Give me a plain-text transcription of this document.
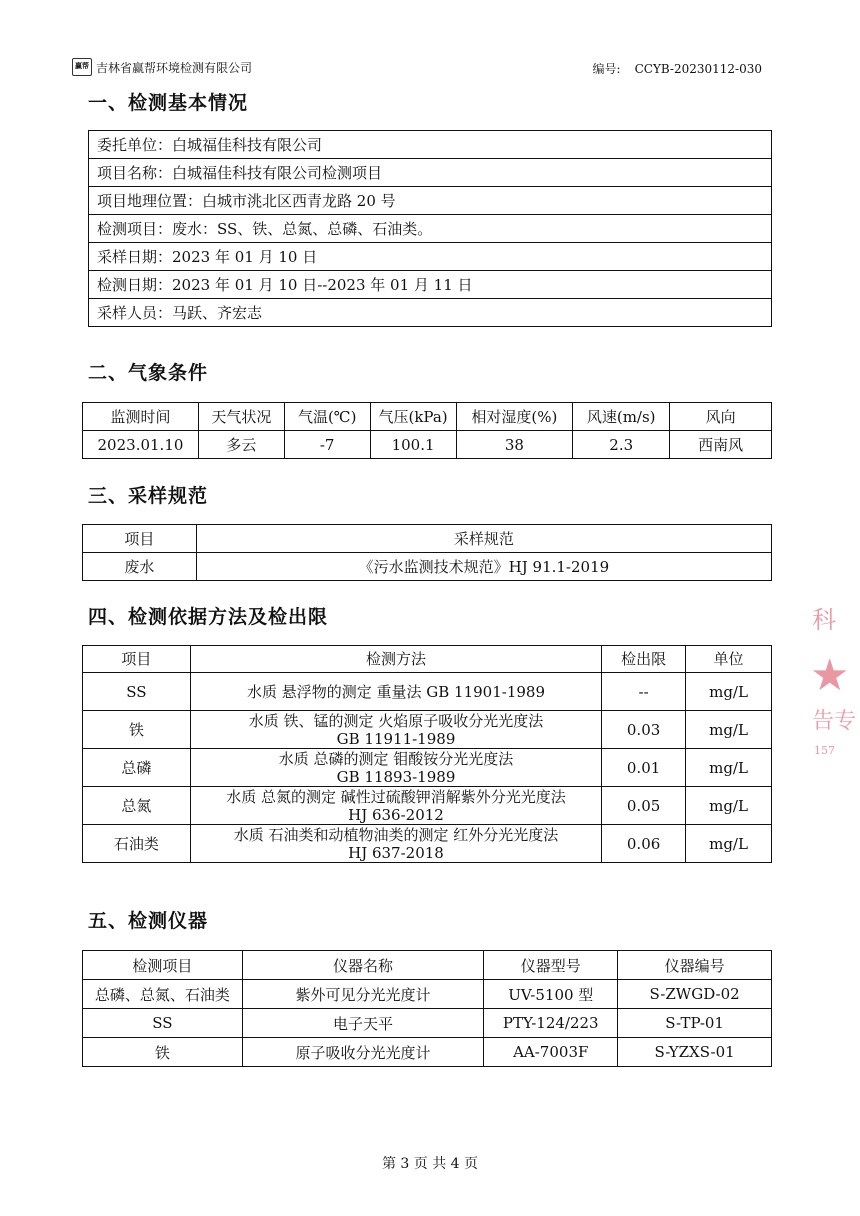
赢帮 吉林省赢帮环境检测有限公司	编号: CCYB-20230112-030
一、检测基本情况
委托单位：白城福佳科技有限公司
项目名称：白城福佳科技有限公司检测项目
项目地理位置：白城市洮北区西青龙路 20 号
检测项目：废水：SS、铁、总氮、总磷、石油类。
采样日期：2023 年 01 月 10 日
检测日期：2023 年 01 月 10 日--2023 年 01 月 11 日
采样人员：马跃、齐宏志
二、气象条件
监测时间	天气状况	气温(℃)	气压(kPa)	相对湿度(%)	风速(m/s)	风向
2023.01.10	多云	-7	100.1	38	2.3	西南风
三、采样规范
项目	采样规范
废水	《污水监测技术规范》HJ 91.1-2019
四、检测依据方法及检出限
项目	检测方法	检出限	单位
SS	水质 悬浮物的测定 重量法 GB 11901-1989	--	mg/L
铁	水质 铁、锰的测定 火焰原子吸收分光光度法
GB 11911-1989	0.03	mg/L
总磷	水质 总磷的测定 钼酸铵分光光度法
GB 11893-1989	0.01	mg/L
总氮	水质 总氮的测定 碱性过硫酸钾消解紫外分光光度法
HJ 636-2012	0.05	mg/L
石油类	水质 石油类和动植物油类的测定 红外分光光度法
HJ 637-2018	0.06	mg/L
五、检测仪器
检测项目	仪器名称	仪器型号	仪器编号
总磷、总氮、石油类	紫外可见分光光度计	UV-5100 型	S-ZWGD-02
SS	电子天平	PTY-124/223	S-TP-01
铁	原子吸收分光光度计	AA-7003F	S-YZXS-01
科
★
告专
157
第 3 页 共 4 页
